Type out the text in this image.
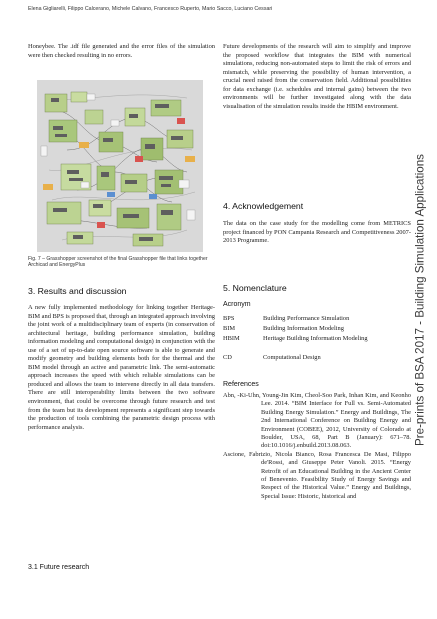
Elena Gigliarelli, Filippo Calcerano, Michele Calvano, Francesco Ruperto, Mario Sacco, Luciano Cessari

Honeybee. The .idf file generated and the error files of the simulation were then checked resulting in no errors.

Fig. 7 – Grasshopper screenshot of the final Grasshopper file that links together Archicad and EnergyPlus
3. Results and discussion

A new fully implemented methodology for linking together Heritage-BIM and BPS is proposed that, through an integrated approach involving the joint work of a multidisciplinary team of experts (in conservation of architectural heritage, building performance simulation, building information modeling and computational design) in conjunction with the use of a set of up-to-date open source software is able to generate and modify geometry and building elements both for the thermal and the BIM model through an active and parametric link. The semi-automatic approach increases the speed with which reliable simulations can be produced and allows the team to intervene directly in all data transfers. There are still interoperability limits between the two software environment, that could be overcome through future research and test from the team but its development represents a significant step towards the production of tools combining the parametric design process with performance analysis.

3.1 Future research

Future developments of the research will aim to simplify and improve the proposed workflow that integrates the BIM with numerical simulations, reducing non-automated steps to limit the risk of errors and mismatch, while preserving the possibility of human intervention, a crucial need raised from the conservation field. Additional possibilities for data exchange (i.e. schedules and internal gains) between the two environments will be further investigated along with the data visualisation of the simulation results inside the HBIM environment.

4. Acknowledgement

The data on the case study for the modelling come from METRICS project financed by PON Campania Research and Competitiveness 2007-2013 Programme.

5. Nomenclature
Acronym
BPS	Building Performance Simulation
BIM	Building Information Modeling
HBIM	Heritage Building Information Modeling
CD	Computational Design
References
Abn, -Ki-Uhn, Young-Jin Kim, Cheol-Soo Park, Inhan Kim, and Keonho Lee. 2014. “BIM Interface for Full vs. Semi-Automated Building Energy Simulation.” Energy and Buildings, The 2nd International Conference on Building Energy and Environment (COBEE), 2012, University of Colorado at Boulder, USA, 68, Part B (January): 671–78. doi:10.1016/j.enbuild.2013.08.063.
Ascione, Fabrizio, Nicola Bianco, Rosa Francesca De Masi, Filippo de'Rossi, and Giuseppe Peter Vanoli. 2015. “Energy Retrofit of an Educational Building in the Ancient Center of Benevento. Feasibility Study of Energy Savings and Respect of the Historical Value.” Energy and Buildings, Special Issue: Historic, historical and
Pre-prints of BSA 2017 - Building Simulation Applications
